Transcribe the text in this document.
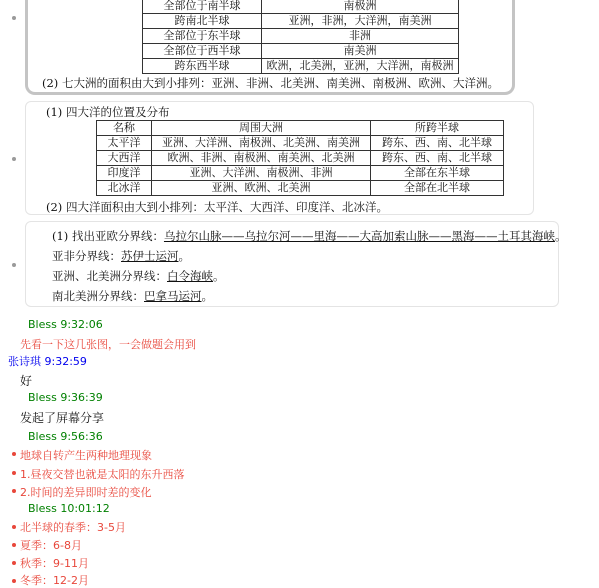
全部位于南半球	南极洲
跨南北半球	亚洲，非洲，大洋洲，南美洲
全部位于东半球	非洲
全部位于西半球	南美洲
跨东西半球	欧洲，北美洲，亚洲，大洋洲，南极洲
(2) 七大洲的面积由大到小排列：亚洲、非洲、北美洲、南美洲、南极洲、欧洲、大洋洲。
(1) 四大洋的位置及分布
名称	周围大洲	所跨半球
太平洋	亚洲、大洋洲、南极洲、北美洲、南美洲	跨东、西、南、北半球
大西洋	欧洲、非洲、南极洲、南美洲、北美洲	跨东、西、南、北半球
印度洋	亚洲、大洋洲、南极洲、非洲	全部在东半球
北冰洋	亚洲、欧洲、北美洲	全部在北半球
(2) 四大洋面积由大到小排列：太平洋、大西洋、印度洋、北冰洋。
(1) 找出亚欧分界线：乌拉尔山脉——乌拉尔河——里海——大高加索山脉——黑海——土耳其海峡。
亚非分界线：苏伊士运河。
亚洲、北美洲分界线：白令海峡。
南北美洲分界线：巴拿马运河。
Bless 9:32:06
先看一下这几张图，一会做题会用到
张诗琪 9:32:59
好
Bless 9:36:39
发起了屏幕分享
Bless 9:56:36
地球自转产生两种地理现象
1.昼夜交替也就是太阳的东升西落
2.时间的差异即时差的变化
Bless 10:01:12
北半球的春季：3-5月
夏季：6-8月
秋季：9-11月
冬季：12-2月
